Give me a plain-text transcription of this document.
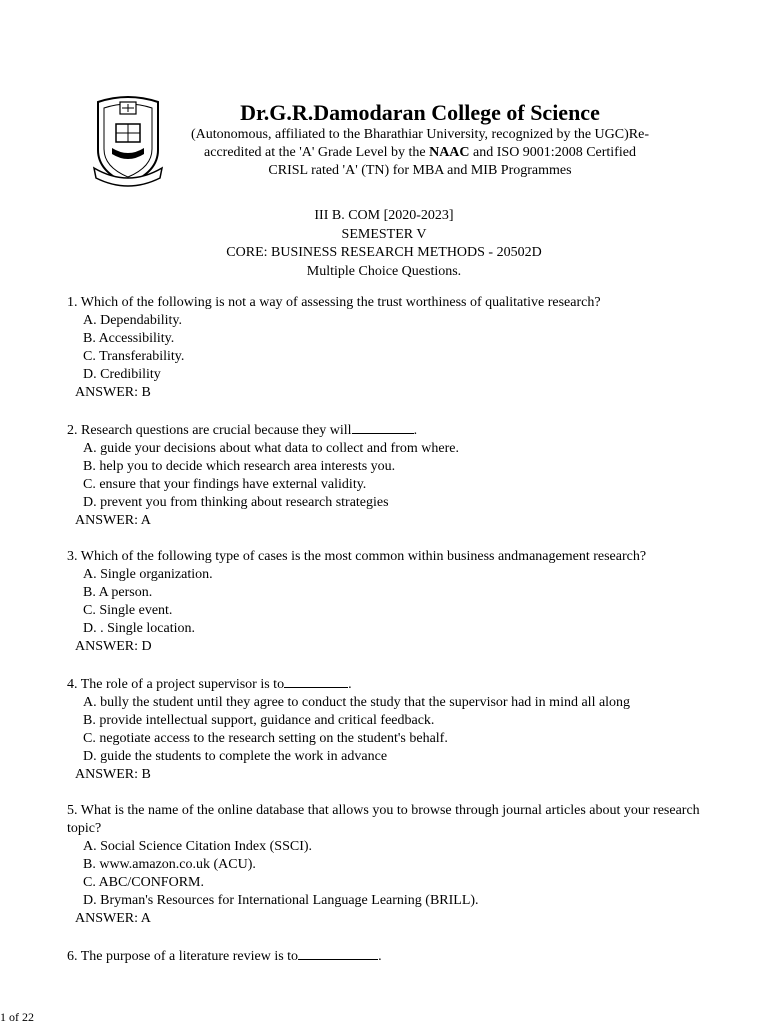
Dr.G.R.Damodaran College of Science
(Autonomous, affiliated to the Bharathiar University, recognized by the UGC)Re-
accredited at the 'A' Grade Level by the NAAC and ISO 9001:2008 Certified
CRISL rated 'A' (TN) for MBA and MIB Programmes
III B. COM [2020-2023]
SEMESTER V
CORE: BUSINESS RESEARCH METHODS - 20502D
Multiple Choice Questions.
1. Which of the following is not a way of assessing the trust worthiness of qualitative research?
A. Dependability.
B. Accessibility.
C. Transferability.
D. Credibility
ANSWER: B
2. Research questions are crucial because they will	.
A. guide your decisions about what data to collect and from where.
B. help you to decide which research area interests you.
C. ensure that your findings have external validity.
D. prevent you from thinking about research strategies
ANSWER: A
3. Which of the following type of cases is the most common within business andmanagement research?
A. Single organization.
B. A person.
C. Single event.
D. . Single location.
ANSWER: D
4. The role of a project supervisor is to	.
A. bully the student until they agree to conduct the study that the supervisor had in mind all along
B. provide intellectual support, guidance and critical feedback.
C. negotiate access to the research setting on the student's behalf.
D. guide the students to complete the work in advance
ANSWER: B
5. What is the name of the online database that allows you to browse through journal articles about your research topic?
A. Social Science Citation Index (SSCI).
B. www.amazon.co.uk (ACU).
C. ABC/CONFORM.
D. Bryman's Resources for International Language Learning (BRILL).
ANSWER: A
6. The purpose of a literature review is to	.
1 of 22
